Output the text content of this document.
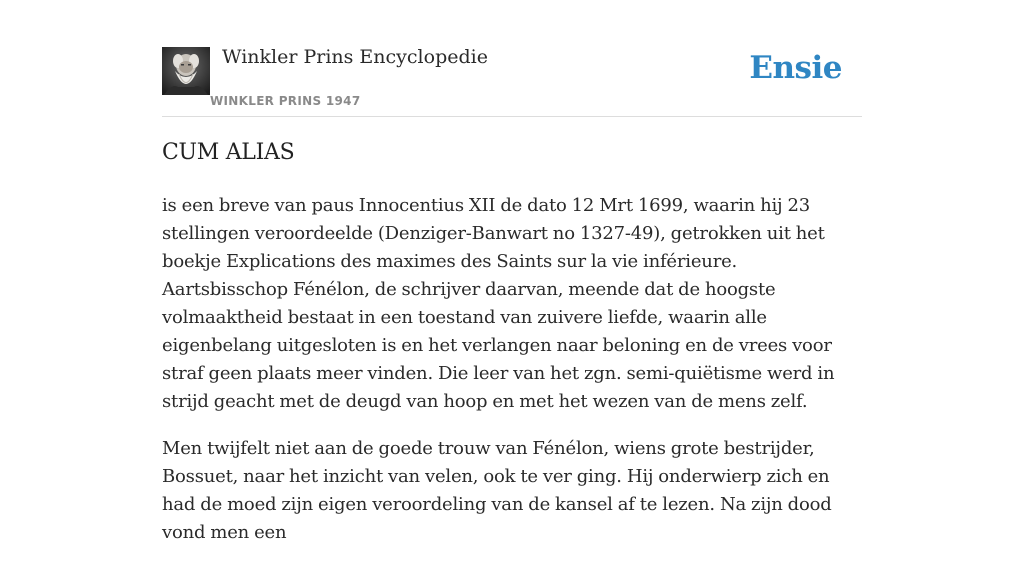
Winkler Prins Encyclopedie
WINKLER PRINS 1947
Ensie
CUM ALIAS

is een breve van paus Innocentius XII de dato 12 Mrt 1699, waarin hij 23 stellingen veroordeelde (Denziger-Banwart no 1327-49), getrokken uit het boekje Explications des maximes des Saints sur la vie inférieure. Aartsbisschop Fénélon, de schrijver daarvan, meende dat de hoogste volmaaktheid bestaat in een toestand van zuivere liefde, waarin alle eigenbelang uitgesloten is en het verlangen naar beloning en de vrees voor straf geen plaats meer vinden. Die leer van het zgn. semi-quiëtisme werd in strijd geacht met de deugd van hoop en met het wezen van de mens zelf.

Men twijfelt niet aan de goede trouw van Fénélon, wiens grote bestrijder, Bossuet, naar het inzicht van velen, ook te ver ging. Hij onderwierp zich en had de moed zijn eigen veroordeling van de kansel af te lezen. Na zijn dood vond men een
